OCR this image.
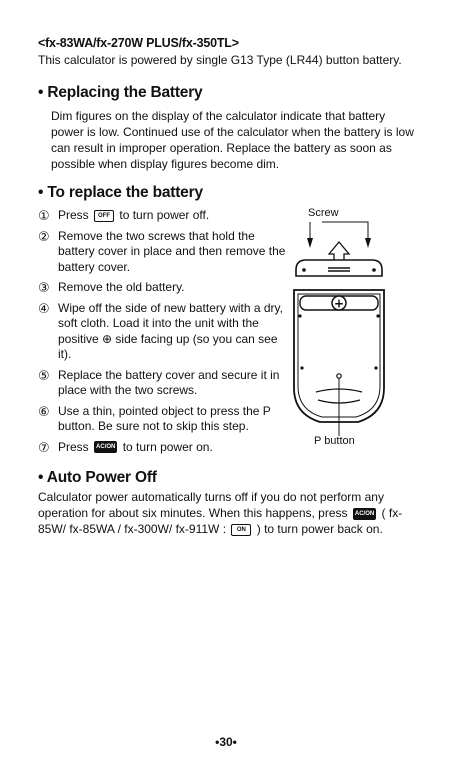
<fx-83WA/fx-270W PLUS/fx-350TL>

This calculator is powered by single G13 Type (LR44) button battery.

• Replacing the Battery

Dim figures on the display of the calculator indicate that battery power is low. Continued use of the calculator when the battery is low can result in improper operation. Replace the battery as soon as possible when display figures become dim.

• To replace the battery
① Press OFF to turn power off.
② Remove the two screws that hold the battery cover in place and then remove the battery cover.
③ Remove the old battery.
④ Wipe off the side of new battery with a dry, soft cloth. Load it into the unit with the positive ⊕ side facing up (so you can see it).
⑤ Replace the battery cover and secure it in place with the two screws.
⑥ Use a thin, pointed object to press the P button. Be sure not to skip this step.
⑦ Press AC/ON to turn power on.
Screw
+
P button
• Auto Power Off

Calculator power automatically turns off if you do not perform any operation for about six minutes. When this happens, press AC/ON ( fx-85W/ fx-85WA / fx-300W/ fx-911W : ON ) to turn power back on.

•30•
